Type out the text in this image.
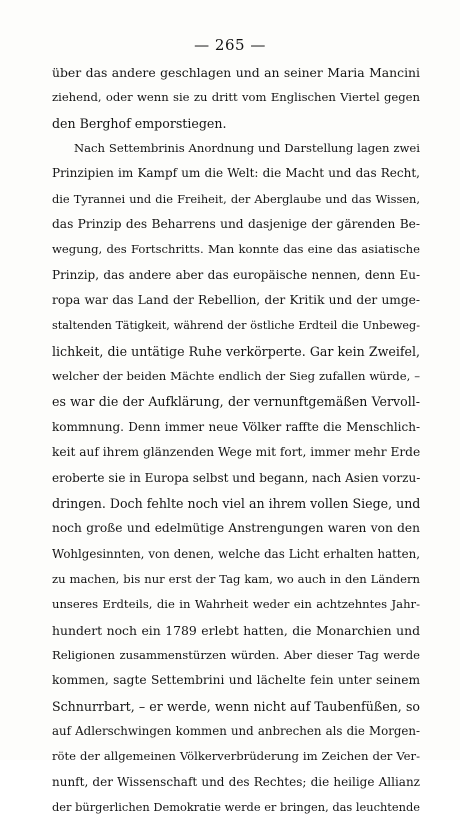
— 265 —
über das andere geschlagen und an seiner Maria Mancini
ziehend, oder wenn sie zu dritt vom Englischen Viertel gegen
den Berghof emporstiegen.
Nach Settembrinis Anordnung und Darstellung lagen zwei
Prinzipien im Kampf um die Welt: die Macht und das Recht,
die Tyrannei und die Freiheit, der Aberglaube und das Wissen,
das Prinzip des Beharrens und dasjenige der gärenden Be-
wegung, des Fortschritts. Man konnte das eine das asiatische
Prinzip, das andere aber das europäische nennen, denn Eu-
ropa war das Land der Rebellion, der Kritik und der umge-
staltenden Tätigkeit, während der östliche Erdteil die Unbeweg-
lichkeit, die untätige Ruhe verkörperte. Gar kein Zweifel,
welcher der beiden Mächte endlich der Sieg zufallen würde, –
es war die der Aufklärung, der vernunftgemäßen Vervoll-
kommnung. Denn immer neue Völker raffte die Menschlich-
keit auf ihrem glänzenden Wege mit fort, immer mehr Erde
eroberte sie in Europa selbst und begann, nach Asien vorzu-
dringen. Doch fehlte noch viel an ihrem vollen Siege, und
noch große und edelmütige Anstrengungen waren von den
Wohlgesinnten, von denen, welche das Licht erhalten hatten,
zu machen, bis nur erst der Tag kam, wo auch in den Ländern
unseres Erdteils, die in Wahrheit weder ein achtzehntes Jahr-
hundert noch ein 1789 erlebt hatten, die Monarchien und
Religionen zusammenstürzen würden. Aber dieser Tag werde
kommen, sagte Settembrini und lächelte fein unter seinem
Schnurrbart, – er werde, wenn nicht auf Taubenfüßen, so
auf Adlerschwingen kommen und anbrechen als die Morgen-
röte der allgemeinen Völkerverbrüderung im Zeichen der Ver-
nunft, der Wissenschaft und des Rechtes; die heilige Allianz
der bürgerlichen Demokratie werde er bringen, das leuchtende
